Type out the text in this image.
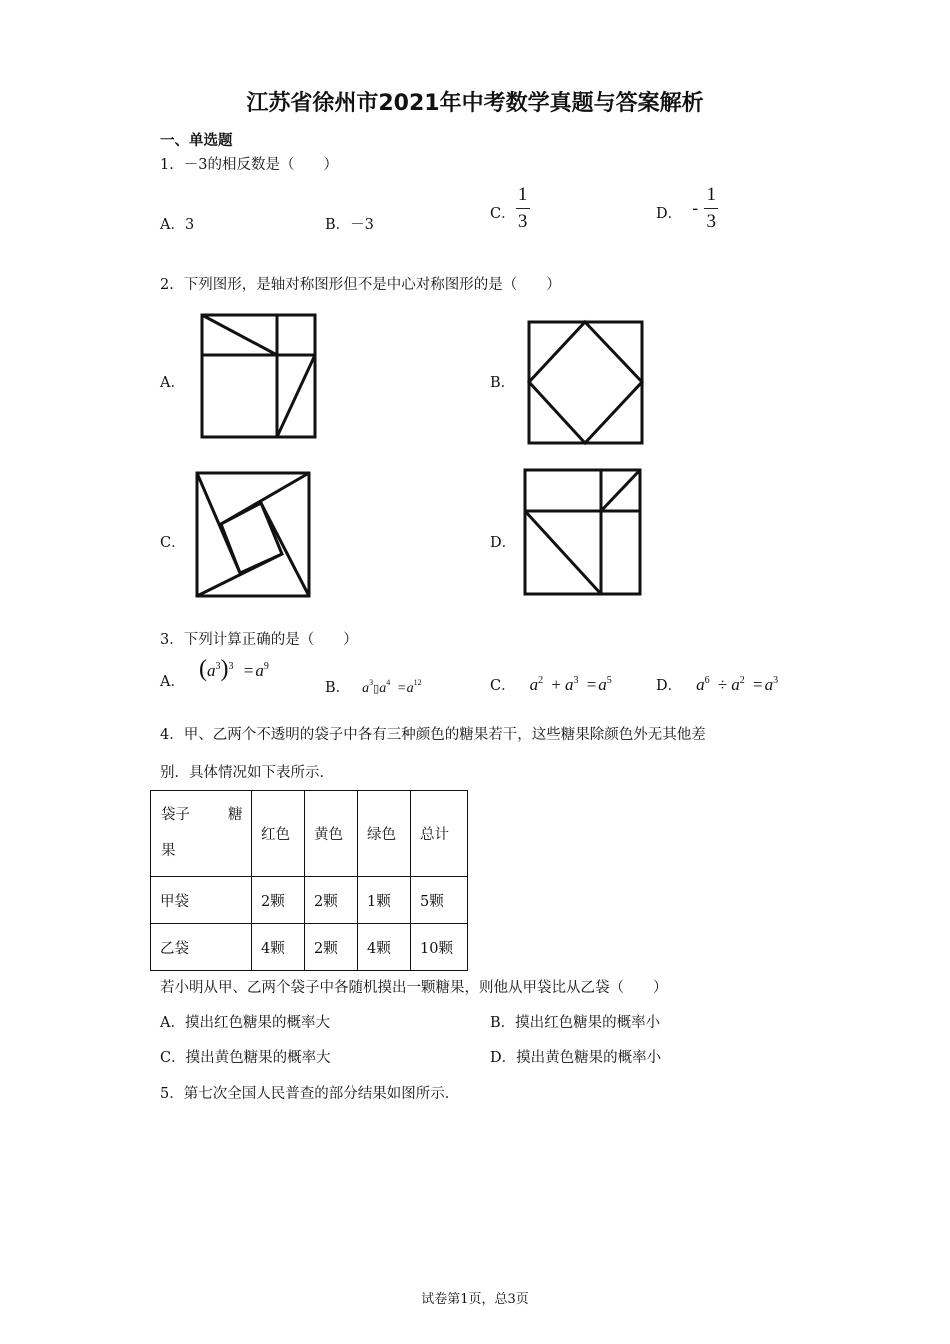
江苏省徐州市2021年中考数学真题与答案解析
一、单选题
1．－3的相反数是（　　）
A．3	B．－3
C． $\frac{1}{3}$	D． - $\frac{1}{3}$
2．下列图形，是轴对称图形但不是中心对称图形的是（　　）
A．	B．
C．	D．
3．下列计算正确的是（　　）
A． $(a^3)^3 = a^9$
B． $a^3▯a^4 =a^{12}$	C． $a^2 + a^3 = a^5$	D． $a^6 \div a^2 = a^3$
4．甲、乙两个不透明的袋子中各有三种颜色的糖果若干，这些糖果除颜色外无其他差
别．具体情况如下表所示．
袋子 糖
果	红色	黄色	绿色	总计
甲袋	2颗	2颗	1颗	5颗
乙袋	4颗	2颗	4颗	10颗
若小明从甲、乙两个袋子中各随机摸出一颗糖果，则他从甲袋比从乙袋（　　）
A．摸出红色糖果的概率大	B．摸出红色糖果的概率小
C．摸出黄色糖果的概率大	D．摸出黄色糖果的概率小
5．第七次全国人民普查的部分结果如图所示．
试卷第1页，总3页
